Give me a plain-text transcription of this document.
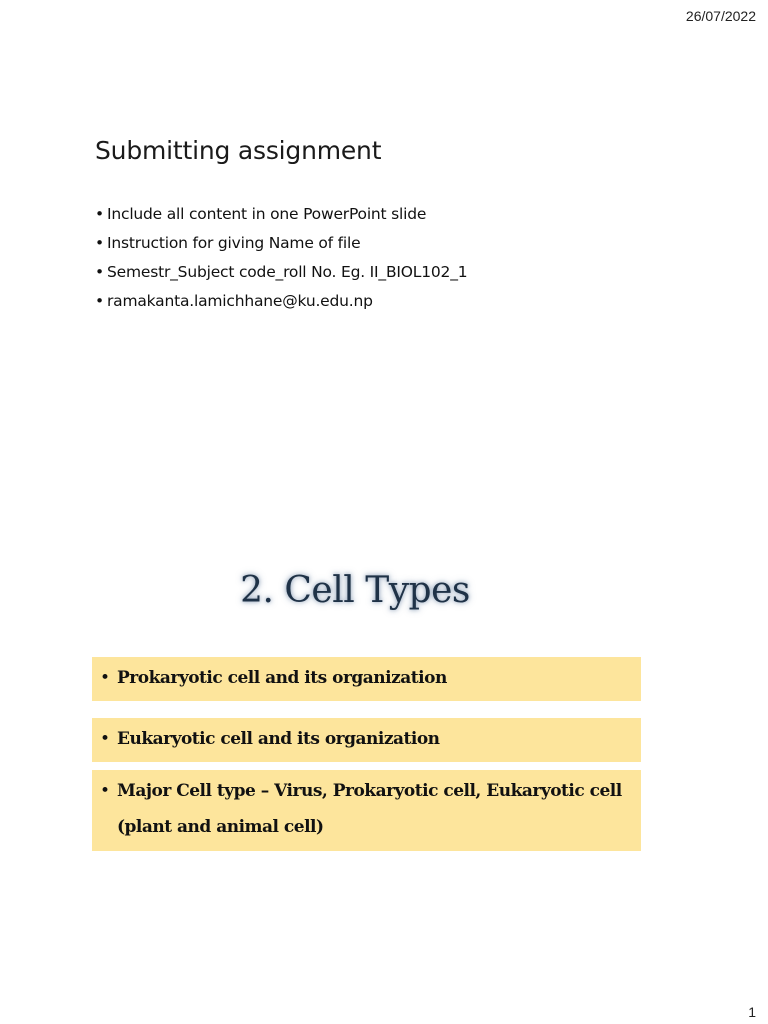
26/07/2022
Submitting assignment
• Include all content in one PowerPoint slide
• Instruction for giving Name of file
• Semestr_Subject code_roll No. Eg. II_BIOL102_1
• ramakanta.lamichhane@ku.edu.np
2. Cell Types
• Prokaryotic cell and its organization
• Eukaryotic cell and its organization
• Major Cell type – Virus, Prokaryotic cell, Eukaryotic cell (plant and animal cell)
1
